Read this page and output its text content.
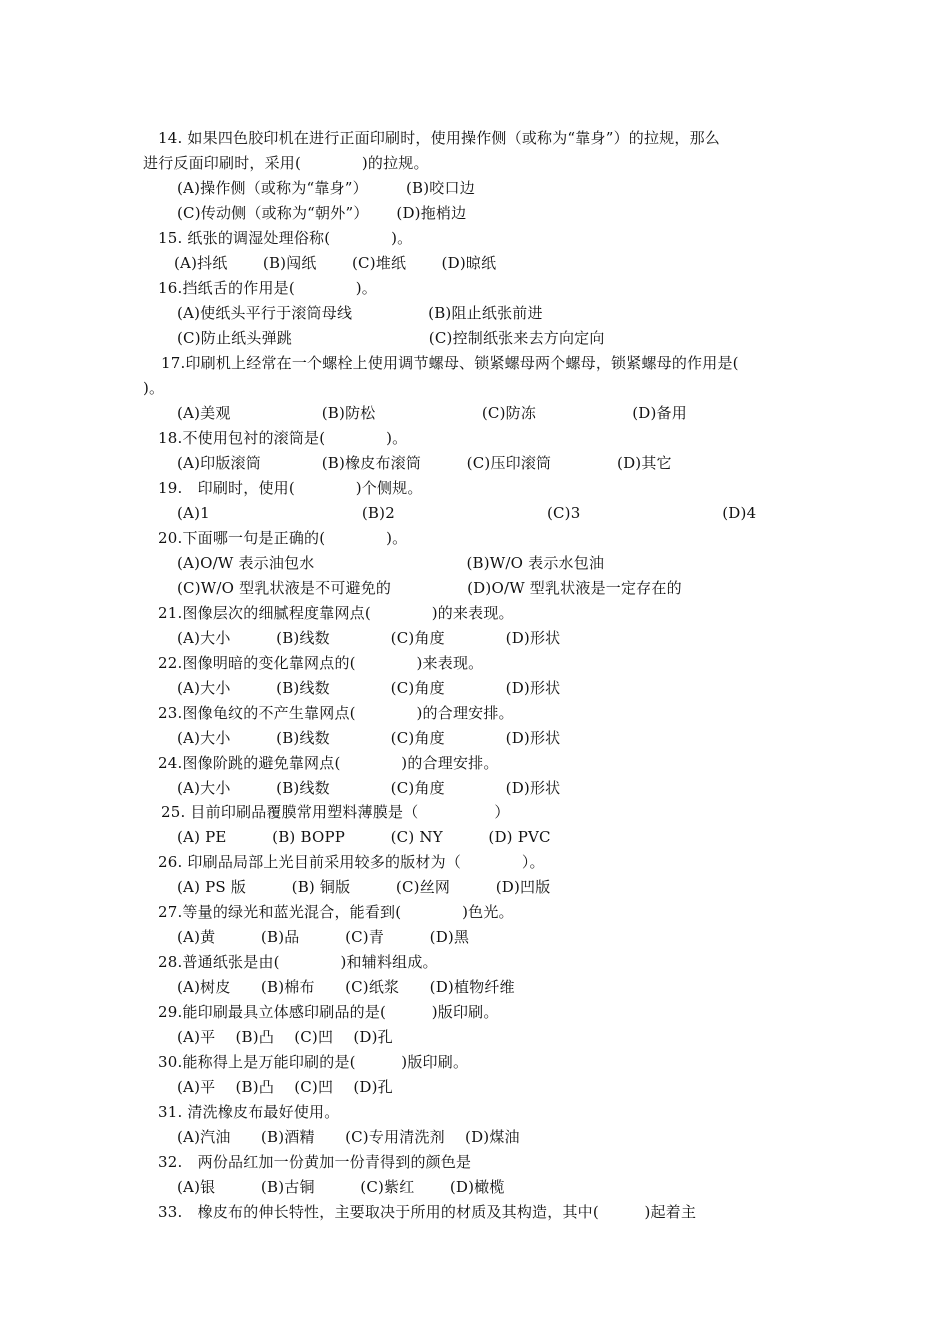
14. 如果四色胶印机在进行正面印刷时，使用操作侧（或称为“靠身”）的拉规，那么
进行反面印刷时，采用(　　　　)的拉规。
(A)操作侧（或称为“靠身”）　　　(B)咬口边
(C)传动侧（或称为“朝外”）　　 (D)拖梢边
15. 纸张的调湿处理俗称(　　　　)。
(A)抖纸　　 (B)闯纸　　 (C)堆纸　　 (D)晾纸
16.挡纸舌的作用是(　　　　)。
(A)使纸头平行于滚筒母线　　　　　(B)阻止纸张前进
(C)防止纸头弹跳　　　　　　　　　(C)控制纸张来去方向定向
17.印刷机上经常在一个螺栓上使用调节螺母、锁紧螺母两个螺母，锁紧螺母的作用是(
)。
(A)美观　　　　　　(B)防松　　　　　　　(C)防冻　　　　　　 (D)备用
18.不使用包衬的滚筒是(　　　　)。
(A)印版滚筒　　　　(B)橡皮布滚筒　　　(C)压印滚筒　　　　 (D)其它
19.　印刷时，使用(　　　　)个侧规。
(A)1　　　　　　　　　　(B)2　　　　　　　　　　(C)3　　　　　　　　　 (D)4
20.下面哪一句是正确的(　　　　)。
(A)O/W 表示油包水　　　　　　　　　　(B)W/O 表示水包油
(C)W/O 型乳状液是不可避免的　　　　　(D)O/W 型乳状液是一定存在的
21.图像层次的细腻程度靠网点(　　　　)的来表现。
(A)大小　　　(B)线数　　　　(C)角度　　　　(D)形状
22.图像明暗的变化靠网点的(　　　　)来表现。
(A)大小　　　(B)线数　　　　(C)角度　　　　(D)形状
23.图像龟纹的不产生靠网点(　　　　)的合理安排。
(A)大小　　　(B)线数　　　　(C)角度　　　　(D)形状
24.图像阶跳的避免靠网点(　　　　)的合理安排。
(A)大小　　　(B)线数　　　　(C)角度　　　　(D)形状
25. 目前印刷品覆膜常用塑料薄膜是（　　　　　）
(A) PE　　　(B) BOPP　　　(C) NY　　　(D) PVC
26. 印刷品局部上光目前采用较多的版材为（　　　　）。
(A) PS 版　　　(B) 铜版　　　(C)丝网　　　(D)凹版
27.等量的绿光和蓝光混合，能看到(　　　　)色光。
(A)黄　　　(B)品　　　(C)青　　　(D)黑
28.普通纸张是由(　　　　)和辅料组成。
(A)树皮　　(B)棉布　　(C)纸浆　　(D)植物纤维
29.能印刷最具立体感印刷品的是(　　　)版印刷。
(A)平　 (B)凸　 (C)凹　 (D)孔
30.能称得上是万能印刷的是(　　　)版印刷。
(A)平　 (B)凸　 (C)凹　 (D)孔
31. 清洗橡皮布最好使用。
(A)汽油　　(B)酒精　　(C)专用清洗剂　 (D)煤油
32.　两份品红加一份黄加一份青得到的颜色是
(A)银　　　(B)古铜　　　(C)紫红　　 (D)橄榄
33.　橡皮布的伸长特性，主要取决于所用的材质及其构造，其中(　　　)起着主
